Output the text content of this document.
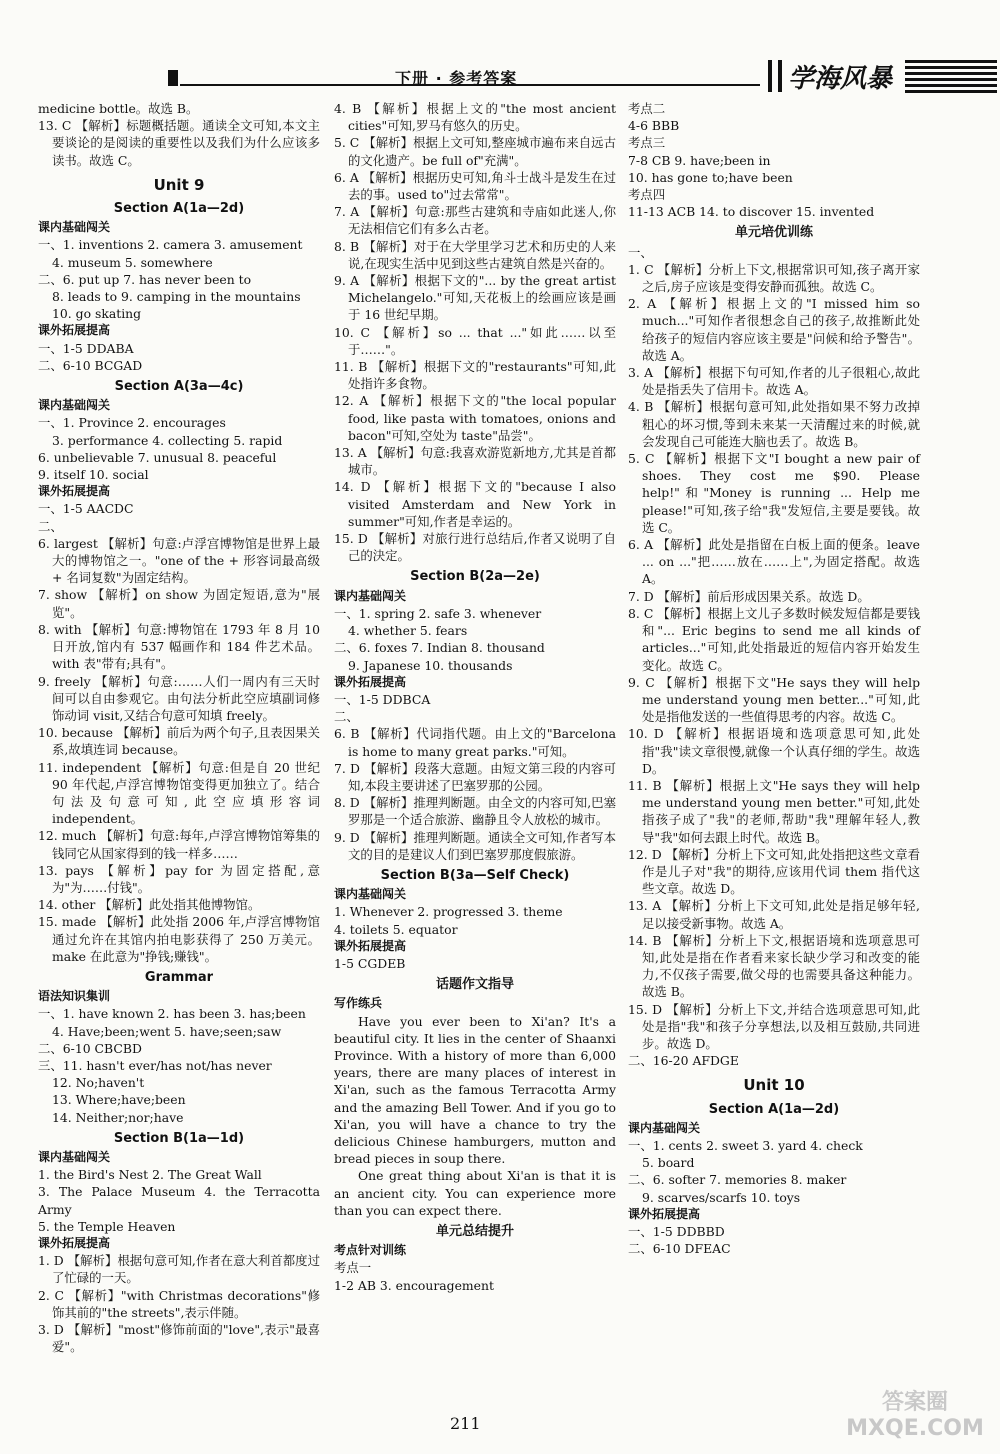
下册 · 参考答案	学海风暴

medicine bottle。故选 B。

13. C 【解析】标题概括题。通读全文可知,本文主要谈论的是阅读的重要性以及我们为什么应该多读书。故选 C。

Unit 9

Section A(1a—2d)

课内基础闯关

一、1. inventions 2. camera 3. amusement

4. museum 5. somewhere

二、6. put up 7. has never been to

8. leads to 9. camping in the mountains

10. go skating

课外拓展提高

一、1-5 DDABA

二、6-10 BCGAD

Section A(3a—4c)

课内基础闯关

一、1. Province 2. encourages

3. performance 4. collecting 5. rapid

6. unbelievable 7. unusual 8. peaceful

9. itself 10. social

课外拓展提高

一、1-5 AACDC

二、

6. largest 【解析】句意:卢浮宫博物馆是世界上最大的博物馆之一。"one of the + 形容词最高级 + 名词复数"为固定结构。

7. show 【解析】on show 为固定短语,意为"展览"。

8. with 【解析】句意:博物馆在 1793 年 8 月 10 日开放,馆内有 537 幅画作和 184 件艺术品。with 表"带有;具有"。

9. freely 【解析】句意:……人们一周内有三天时间可以自由参观它。由句法分析此空应填副词修饰动词 visit,又结合句意可知填 freely。

10. because 【解析】前后为两个句子,且表因果关系,故填连词 because。

11. independent 【解析】句意:但是自 20 世纪 90 年代起,卢浮宫博物馆变得更加独立了。结合句法及句意可知,此空应填形容词 independent。

12. much 【解析】句意:每年,卢浮宫博物馆筹集的钱同它从国家得到的钱一样多……

13. pays 【解析】pay for 为固定搭配,意为"为……付钱"。

14. other 【解析】此处指其他博物馆。

15. made 【解析】此处指 2006 年,卢浮宫博物馆通过允许在其馆内拍电影获得了 250 万美元。make 在此意为"挣钱;赚钱"。

Grammar

语法知识集训

一、1. have known 2. has been 3. has;been

4. Have;been;went 5. have;seen;saw

二、6-10 CBCBD

三、11. hasn't ever/has not/has never

12. No;haven't

13. Where;have;been

14. Neither;nor;have

Section B(1a—1d)

课内基础闯关

1. the Bird's Nest 2. The Great Wall

3. The Palace Museum 4. the Terracotta Army

5. the Temple Heaven

课外拓展提高

1. D 【解析】根据句意可知,作者在意大利首都度过了忙碌的一天。

2. C 【解析】"with Christmas decorations"修饰其前的"the streets",表示伴随。

3. D 【解析】"most"修饰前面的"love",表示"最喜爱"。

4. B 【解析】根据上文的"the most ancient cities"可知,罗马有悠久的历史。

5. C 【解析】根据上文可知,整座城市遍布来自远古的文化遗产。be full of"充满"。

6. A 【解析】根据历史可知,角斗士战斗是发生在过去的事。used to"过去常常"。

7. A 【解析】句意:那些古建筑和寺庙如此迷人,你无法相信它们有多么古老。

8. B 【解析】对于在大学里学习艺术和历史的人来说,在现实生活中见到这些古建筑自然是兴奋的。

9. A 【解析】根据下文的"... by the great artist Michelangelo."可知,天花板上的绘画应该是画于 16 世纪早期。

10. C 【解析】so ... that ..."如此……以至于……"。

11. B 【解析】根据下文的"restaurants"可知,此处指许多食物。

12. A 【解析】根据下文的"the local popular food, like pasta with tomatoes, onions and bacon"可知,空处为 taste"品尝"。

13. A 【解析】句意:我喜欢游览新地方,尤其是首都城市。

14. D 【解析】根据下文的"because I also visited Amsterdam and New York in summer"可知,作者是幸运的。

15. D 【解析】对旅行进行总结后,作者又说明了自己的決定。

Section B(2a—2e)

课内基础闯关

一、1. spring 2. safe 3. whenever

4. whether 5. fears

二、6. foxes 7. Indian 8. thousand

9. Japanese 10. thousands

课外拓展提高

一、1-5 DDBCA

二、

6. B 【解析】代词指代题。由上文的"Barcelona is home to many great parks."可知。

7. D 【解析】段落大意题。由短文第三段的内容可知,本段主要讲述了巴塞罗那的公园。

8. D 【解析】推理判断题。由全文的内容可知,巴塞罗那是一个适合旅游、幽静且令人放松的城市。

9. D 【解析】推理判断题。通读全文可知,作者写本文的目的是建议人们到巴塞罗那度假旅游。

Section B(3a—Self Check)

课内基础闯关

1. Whenever 2. progressed 3. theme

4. toilets 5. equator

课外拓展提高

1-5 CGDEB

话题作文指导

写作练兵

Have you ever been to Xi'an? It's a beautiful city. It lies in the center of Shaanxi Province. With a history of more than 6,000 years, there are many places of interest in Xi'an, such as the famous Terracotta Army and the amazing Bell Tower. And if you go to Xi'an, you will have a chance to try the delicious Chinese hamburgers, mutton and bread pieces in soup there.

One great thing about Xi'an is that it is an ancient city. You can experience more than you can expect there.

单元总结提升

考点针对训练

考点一

1-2 AB 3. encouragement

考点二

4-6 BBB

考点三

7-8 CB 9. have;been in

10. has gone to;have been

考点四

11-13 ACB 14. to discover 15. invented

单元培优训练

一、

1. C 【解析】分析上下文,根据常识可知,孩子离开家之后,房子应该是变得安静而孤独。故选 C。

2. A 【解析】根据上文的"I missed him so much..."可知作者很想念自己的孩子,故推断此处给孩子的短信内容应该主要是"问候和给予警告"。故选 A。

3. A 【解析】根据下句可知,作者的儿子很粗心,故此处是指丢失了信用卡。故选 A。

4. B 【解析】根据句意可知,此处指如果不努力改掉粗心的坏习惯,等到未来某一天清醒过来的时候,就会发现自己可能连大脑也丢了。故选 B。

5. C 【解析】根据下文"I bought a new pair of shoes. They cost me $90. Please help!"和"Money is running ... Help me please!"可知,孩子给"我"发短信,主要是要钱。故选 C。

6. A 【解析】此处是指留在白板上面的便条。leave ... on ..."把……放在……上",为固定搭配。故选 A。

7. D 【解析】前后形成因果关系。故选 D。

8. C 【解析】根据上文儿子多数时候发短信都是要钱和"... Eric begins to send me all kinds of articles..."可知,此处指最近的短信内容开始发生变化。故选 C。

9. C 【解析】根据下文"He says they will help me understand young men better..."可知,此处是指他发送的一些值得思考的内容。故选 C。

10. D 【解析】根据语境和选项意思可知,此处指"我"读文章很慢,就像一个认真仔细的学生。故选 D。

11. B 【解析】根据上文"He says they will help me understand young men better."可知,此处指孩子成了"我"的老师,帮助"我"理解年轻人,教导"我"如何去跟上时代。故选 B。

12. D 【解析】分析上下文可知,此处指把这些文章看作是儿子对"我"的期待,应该用代词 them 指代这些文章。故选 D。

13. A 【解析】分析上下文可知,此处是指足够年轻,足以接受新事物。故选 A。

14. B 【解析】分析上下文,根据语境和选项意思可知,此处是指在作者看来家长缺少学习和改变的能力,不仅孩子需要,做父母的也需要具备这种能力。故选 B。

15. D 【解析】分析上下文,并结合选项意思可知,此处是指"我"和孩子分享想法,以及相互鼓励,共同进步。故选 D。

二、16-20 AFDGE

Unit 10

Section A(1a—2d)

课内基础闯关

一、1. cents 2. sweet 3. yard 4. check

5. board

二、6. softer 7. memories 8. maker

9. scarves/scarfs 10. toys

课外拓展提高

一、1-5 DDBBD

二、6-10 DFEAC

211
答案圈 MXQE.COM
